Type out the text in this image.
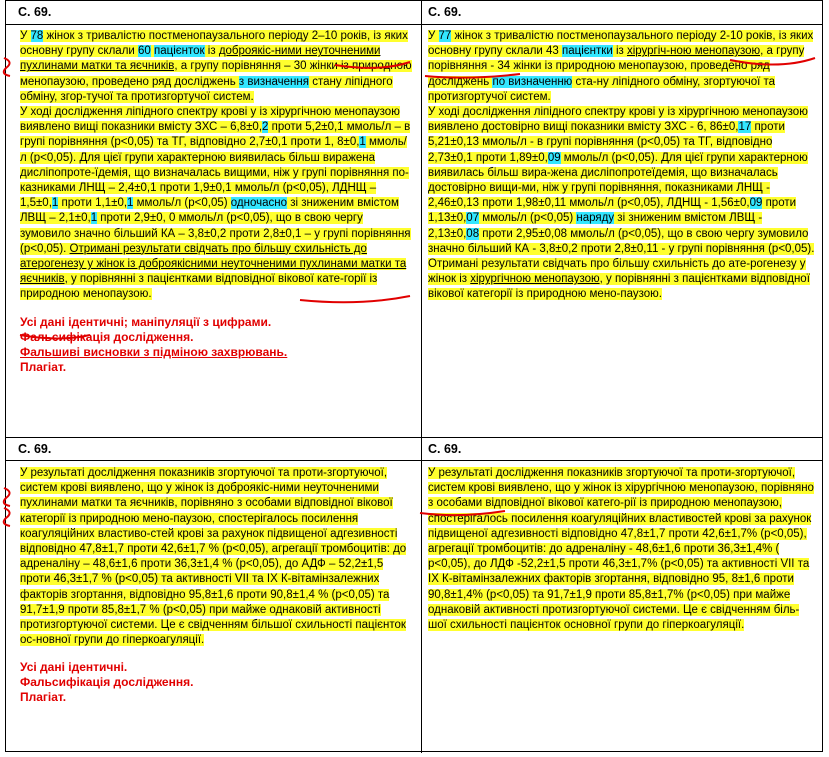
С. 69.

У 78 жінок з тривалістю постменопаузального періоду 2–10 років, із яких основну групу склали 60 пацієнток із доброякіс-ними неуточненими пухлинами матки та яєчників, а групу порівняння – 30 жінки із природною менопаузою, проведено ряд досліджень з визначення стану ліпідного обміну, згор-тучої та протизгортучої систем.

У ході дослідження ліпідного спектру крові у із хірургічною менопаузою виявлено вищі показники вмісту ЗХС – 6,8±0,2 проти 5,2±0,1 ммоль/л – в групі порівняння (р<0,05) та ТГ, відповідно 2,7±0,1 проти 1, 8±0,1 ммоль/л (р<0,05). Для цієї групи характерною виявилась більш виражена дисліпопроте-їдемія, що визначалась вищими, ніж у групі порівняння по-казниками ЛНЩ – 2,4±0,1 проти 1,9±0,1 ммоль/л (р<0,05), ЛДНЩ – 1,5±0,1 проти 1,1±0,1 ммоль/л (р<0,05) одночасно зі зниженим вмістом ЛВЩ – 2,1±0,1 проти 2,9±0, 0 ммоль/л (р<0,05), що в свою чергу зумовило значно більший КА – 3,8±0,2 проти 2,8±0,1 – у групі порівняння (р<0,05). Отримані результати свідчать про більшу схильність до атерогенезу у жінок із доброякісними неуточненими пухлинами матки та яєчників, у порівнянні з пацієнтками відповідної вікової кате-горії із природною менопаузою.

Усі дані ідентичні; маніпуляції з цифрами.
Фальсифікація дослідження.
Фальшиві висновки з підміною захврювань.
Плагіат.
С. 69.

У 77 жінок з тривалістю постменопаузального періоду 2-10 років, із яких основну групу склали 43 пацієнтки із хірургіч-ною менопаузою, а групу порівняння - 34 жінки із природною менопаузою, проведено ряд досліджень по визначенню ста-ну ліпідного обміну, згортуючої та протизгортучої систем.

У ході дослідження ліпідного спектру крові у із хірургічною менопаузою виявлено достовірно вищі показники вмісту ЗХС - 6, 86±0,17 проти 5,21±0,13 ммоль/л - в групі порівняння (р<0,05) та ТГ, відповідно 2,73±0,1 проти 1,89±0,09 ммоль/л (р<0,05). Для цієї групи характерною виявилась більш вира-жена дисліпопротеїдемія, що визначалась достовірно вищи-ми, ніж у групі порівняння, показниками ЛНЩ - 2,46±0,13 проти 1,98±0,11 ммоль/л (р<0,05), ЛДНЩ - 1,56±0,09 проти 1,13±0,07 ммоль/л (р<0,05) наряду зі зниженим вмістом ЛВЩ - 2,13±0,08 проти 2,95±0,08 ммоль/л (р<0,05), що в свою чергу зумовило значно більший КА - 3,8±0,2 проти 2,8±0,11 - у групі порівняння (р<0,05).

Отримані результати свідчать про більшу схильність до ате-рогенезу у жінок із хірургічною менопаузою, у порівнянні з пацієнтками відповідної вікової категорії із природною мено-паузою.

С. 69.

У результаті дослідження показників згортуючої та проти-згортуючої, систем крові виявлено, що у жінок із доброякіс-ними неуточненими пухлинами матки та яєчників, порівняно з особами відповідної вікової категорії із природною мено-паузою, спостерігалось посилення коагуляційних властиво-стей крові за рахунок підвищеної адгезивності відповідно 47,8±1,7 проти 42,6±1,7 % (р<0,05), агрегації тромбоцитів: до адреналіну – 48,6±1,6 проти 36,3±1,4 % (р<0,05), до АДФ – 52,2±1,5 проти 46,3±1,7 % (р<0,05) та активності VII та IX К-вітамінзалежних факторів згортання, відповідно 95,8±1,6 проти 90,8±1,4 % (р<0,05) та 91,7±1,9 проти 85,8±1,7 % (р<0,05) при майже однаковій активності протизгортуючої системи. Це є свідченням більшої схильності пацієнток ос-новної групи до гіперкоагуляції.

Усі дані ідентичні.
Фальсифікація дослідження.
Плагіат.
С. 69.

У результаті дослідження показників згортуючої та проти-згортуючої, систем крові виявлено, що у жінок із хірургічною менопаузою, порівняно з особами відповідної вікової катего-рії із природною менопаузою, спостерігалось посилення коагуляційних властивостей крові за рахунок підвищеної адгезивності відповідно 47,8±1,7 проти 42,6±1,7% (р<0,05), агрегації тромбоцитів: до адреналіну - 48,6±1,6 проти 36,3±1,4% ( р<0,05), до ЛДФ -52,2±1,5 проти 46,3±1,7% (р<0,05) та активності VII та IX К-вітамінзалежних факторів згортання, відповідно 95, 8±1,6 проти 90,8±1,4% (р<0,05) та 91,7±1,9 проти 85,8±1,7% (р<0,05) при майже однаковій активності протизгортуючої системи. Це є свідченням біль-шої схильності пацієнток основної групи до гіперкоагуляції.
